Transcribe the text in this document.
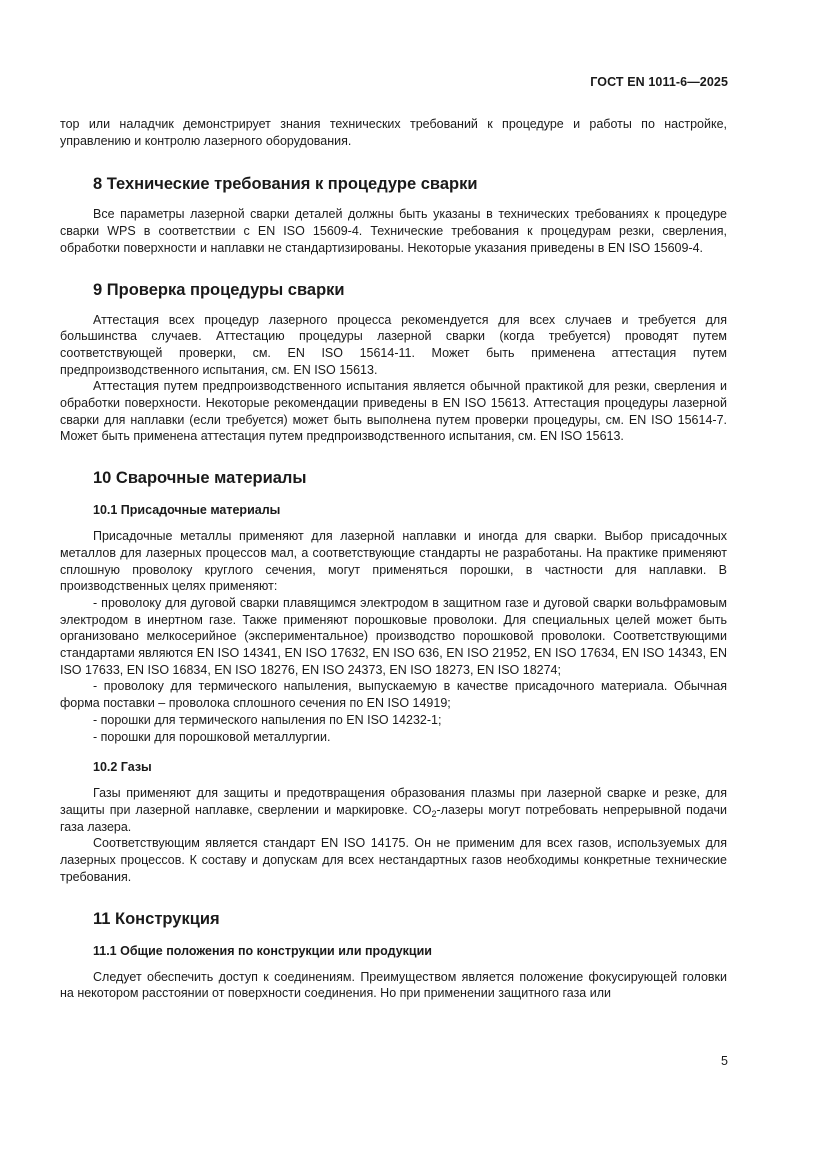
ГОСТ EN 1011-6—2025

тор или наладчик демонстрирует знания технических требований к процедуре и работы по настройке, управлению и контролю лазерного оборудования.

8 Технические требования к процедуре сварки

Все параметры лазерной сварки деталей должны быть указаны в технических требованиях к процедуре сварки WPS в соответствии с EN ISO 15609-4. Технические требования к процедурам резки, сверления, обработки поверхности и наплавки не стандартизированы. Некоторые указания приведены в EN ISO 15609-4.

9 Проверка процедуры сварки

Аттестация всех процедур лазерного процесса рекомендуется для всех случаев и требуется для большинства случаев. Аттестацию процедуры лазерной сварки (когда требуется) проводят путем соответствующей проверки, см. EN ISO 15614-11. Может быть применена аттестация путем предпроизводственного испытания, см. EN ISO 15613.

Аттестация путем предпроизводственного испытания является обычной практикой для резки, сверления и обработки поверхности. Некоторые рекомендации приведены в EN ISO 15613. Аттестация процедуры лазерной сварки для наплавки (если требуется) может быть выполнена путем проверки процедуры, см. EN ISO 15614-7. Может быть применена аттестация путем предпроизводственного испытания, см. EN ISO 15613.

10 Сварочные материалы
10.1 Присадочные материалы

Присадочные металлы применяют для лазерной наплавки и иногда для сварки. Выбор присадочных металлов для лазерных процессов мал, а соответствующие стандарты не разработаны. На практике применяют сплошную проволоку круглого сечения, могут применяться порошки, в частности для наплавки. В производственных целях применяют:

- проволоку для дуговой сварки плавящимся электродом в защитном газе и дуговой сварки вольфрамовым электродом в инертном газе. Также применяют порошковые проволоки. Для специальных целей может быть организовано мелкосерийное (экспериментальное) производство порошковой проволоки. Соответствующими стандартами являются EN ISO 14341, EN ISO 17632, EN ISO 636, EN ISO 21952, EN ISO 17634, EN ISO 14343, EN ISO 17633, EN ISO 16834, EN ISO 18276, EN ISO 24373, EN ISO 18273, EN ISO 18274;

- проволоку для термического напыления, выпускаемую в качестве присадочного материала. Обычная форма поставки – проволока сплошного сечения по EN ISO 14919;

- порошки для термического напыления по EN ISO 14232-1;

- порошки для порошковой металлургии.

10.2 Газы

Газы применяют для защиты и предотвращения образования плазмы при лазерной сварке и резке, для защиты при лазерной наплавке, сверлении и маркировке. $CO_2$-лазеры могут потребовать непрерывной подачи газа лазера.

Соответствующим является стандарт EN ISO 14175. Он не применим для всех газов, используемых для лазерных процессов. К составу и допускам для всех нестандартных газов необходимы конкретные технические требования.

11 Конструкция
11.1 Общие положения по конструкции или продукции

Следует обеспечить доступ к соединениям. Преимуществом является положение фокусирующей головки на некотором расстоянии от поверхности соединения. Но при применении защитного газа или

5
